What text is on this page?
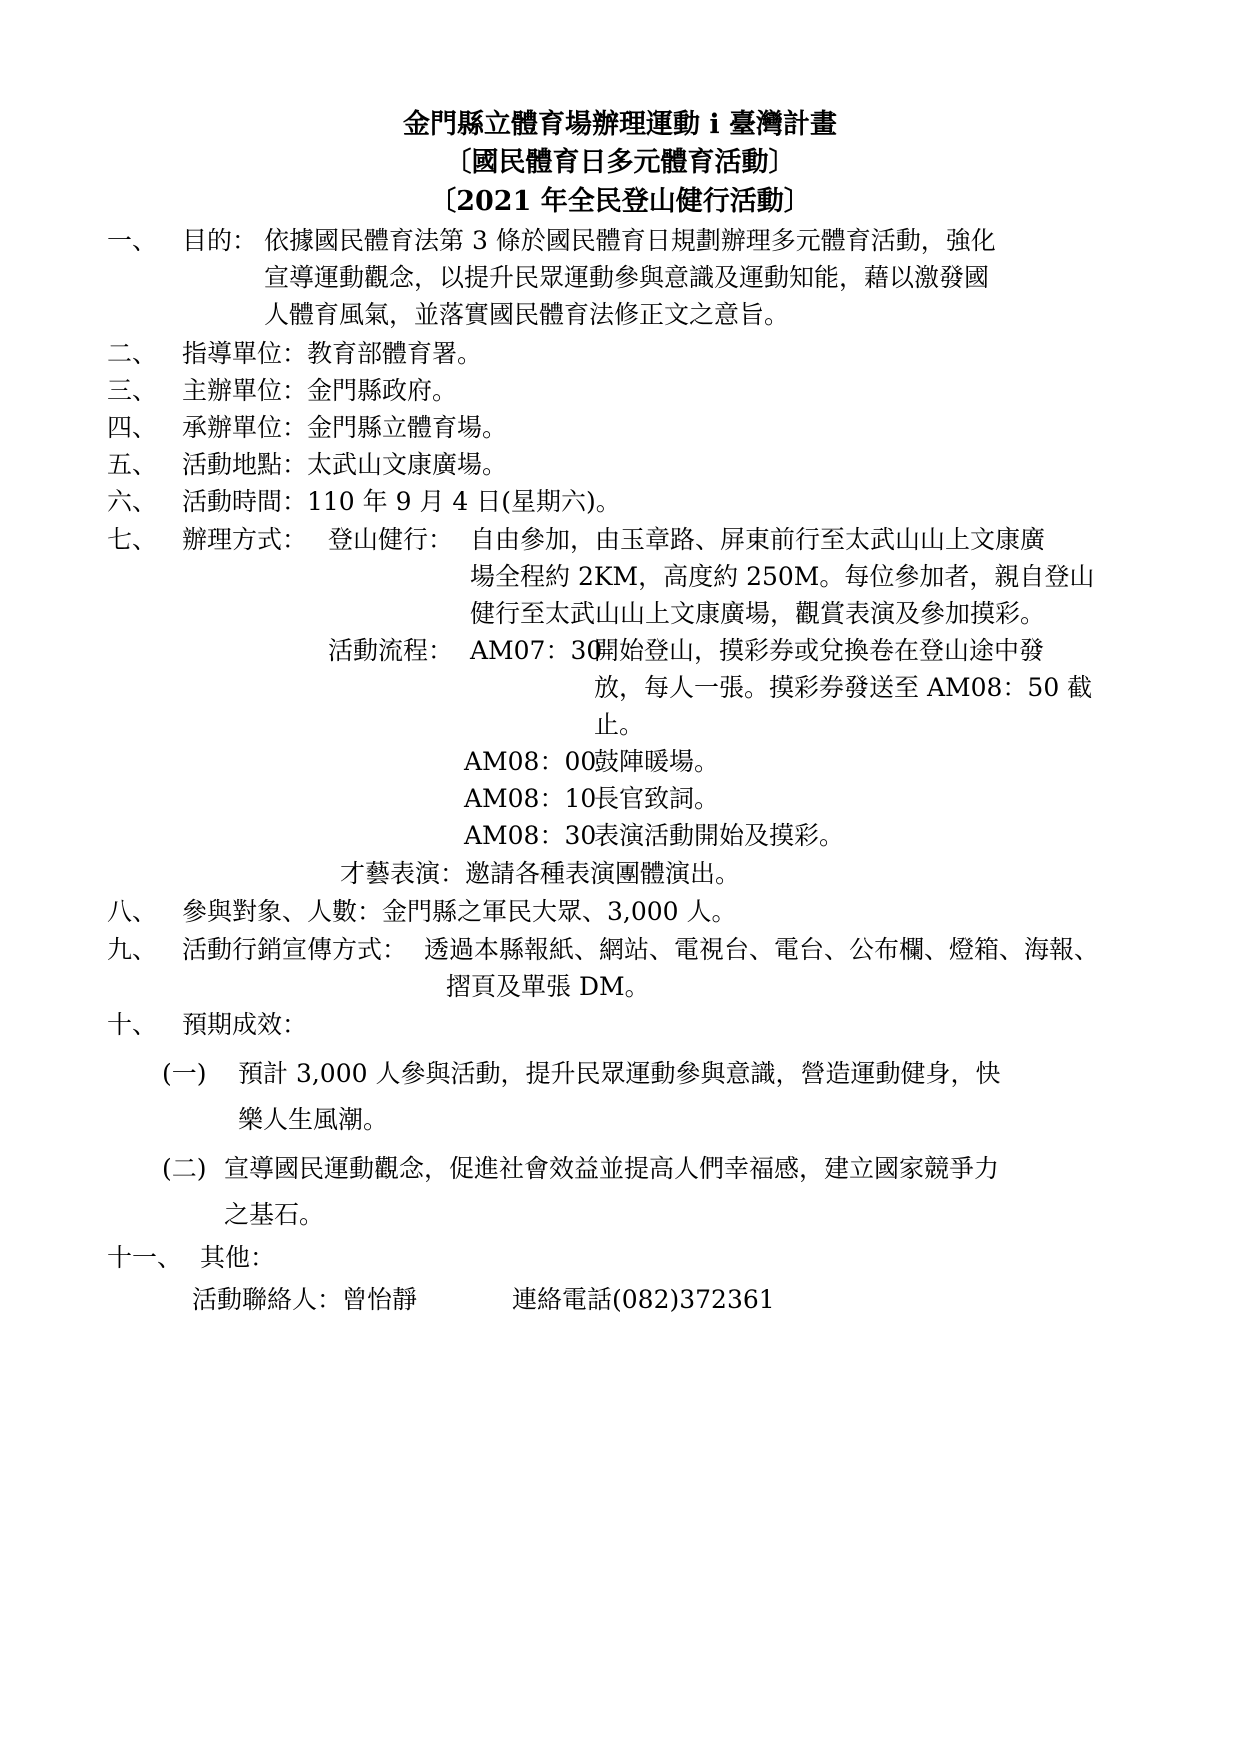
金門縣立體育場辦理運動 i 臺灣計畫
〔國民體育日多元體育活動〕
〔2021 年全民登山健行活動〕
一、 目的： 依據國民體育法第 3 條於國民體育日規劃辦理多元體育活動，強化
宣導運動觀念，以提升民眾運動參與意識及運動知能，藉以激發國
人體育風氣，並落實國民體育法修正文之意旨。
二、 指導單位：教育部體育署。
三、 主辦單位：金門縣政府。
四、 承辦單位：金門縣立體育場。
五、 活動地點：太武山文康廣場。
六、 活動時間：110 年 9 月 4 日(星期六)。
七、 辦理方式： 登山健行： 自由參加，由玉章路、屏東前行至太武山山上文康廣
場全程約 2KM，高度約 250M。每位參加者，親自登山
健行至太武山山上文康廣場，觀賞表演及參加摸彩。
活動流程： AM07：30
開始登山，摸彩券或兌換卷在登山途中發
放，每人一張。摸彩券發送至 AM08：50 截
止。
AM08：00
鼓陣暖場。
AM08：10
長官致詞。
AM08：30
表演活動開始及摸彩。
才藝表演：邀請各種表演團體演出。
八、 參與對象、人數：金門縣之軍民大眾、3,000 人。
九、 活動行銷宣傳方式： 透過本縣報紙、網站、電視台、電台、公布欄、燈箱、海報、
摺頁及單張 DM。
十、 預期成效：
(一) 預計 3,000 人參與活動，提升民眾運動參與意識，營造運動健身，快
樂人生風潮。
(二) 宣導國民運動觀念，促進社會效益並提高人們幸福感，建立國家競爭力
之基石。
十一、 其他：
活動聯絡人：曾怡靜	連絡電話(082)372361
